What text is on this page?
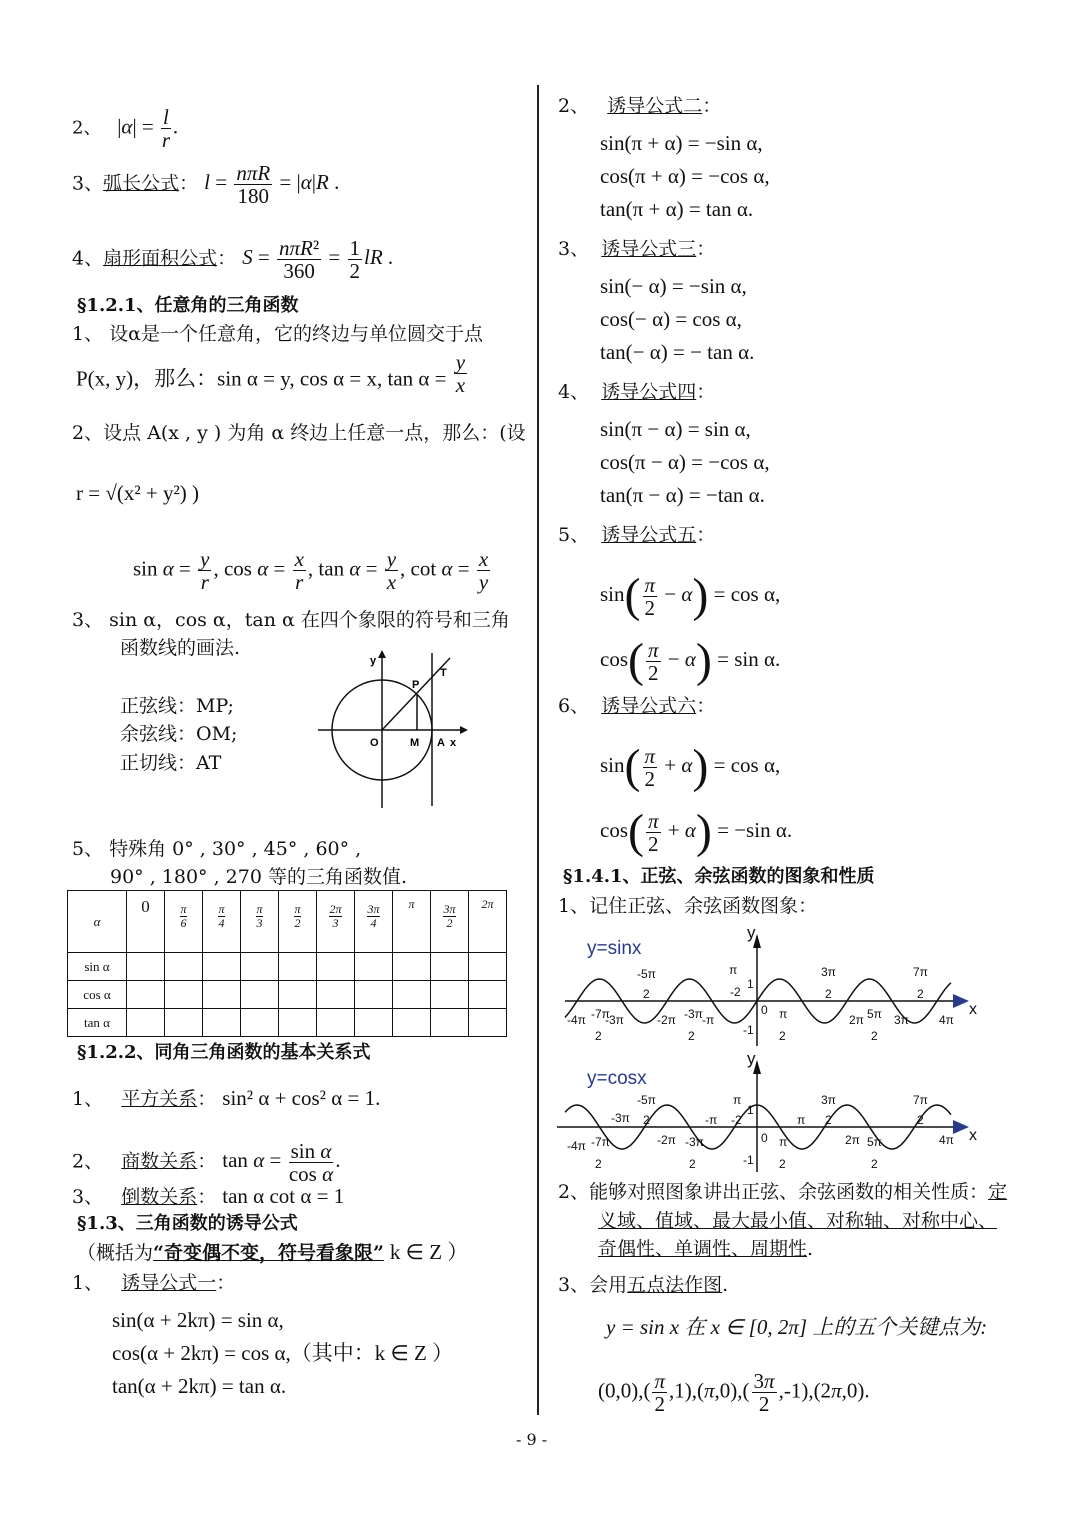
2、   $|\alpha| = \frac{l}{r}$ .
3、弧长公式： $l = \frac{\text{nπR}}{180} = |\alpha|R$ .
4、扇形面积公式： $S = \frac{\text{nπR²}}{360} = \frac{1}{2}$ lR .
§1.2.1、任意角的三角函数
1、 设α是一个任意角，它的终边与单位圆交于点
P(x, y)，那么：sin α = y, cos α = x, $\tan \alpha = \frac{y}{x}$
2、设点 A(x , y ) 为角 α 终边上任意一点，那么：(设
r = √(x² + y²) )
$\sin \alpha = \frac{y}{r}$ , $\cos \alpha = \frac{x}{r}$ , $\tan \alpha = \frac{y}{x}$ , $\cot \alpha = \frac{x}{y}$
3、 sin α，cos α，tan α 在四个象限的符号和三角
函数线的画法.
正弦线：MP;
余弦线：OM;
正切线：AT
y
P
T
O	M A x
5、 特殊角 0° , 30° , 45° , 60° ,
90° , 180° , 270 等的三角函数值.
α	0	$\frac{\pi}{6}$	$\frac{\pi}{4}$	$\frac{\pi}{3}$	$\frac{\pi}{2}$	$\frac{2\pi}{3}$	$\frac{3\pi}{4}$	π	$\frac{3\pi}{2}$	2π
sin α										
cos α										
tan α										
§1.2.2、同角三角函数的基本关系式
1、 平方关系： sin² α + cos² α = 1.
2、 商数关系： $\tan \alpha = \frac{\text{sin α}}{\text{cos α}}$ .
3、 倒数关系： tan α cot α = 1
§1.3、三角函数的诱导公式
（概括为“奇变偶不变，符号看象限” k ∈ Z ）
1、 诱导公式一：
sin(α + 2kπ) = sin α,
cos(α + 2kπ) = cos α,（其中：k ∈ Z ）
tan(α + 2kπ) = tan α.
2、 诱导公式二：
sin(π + α) = −sin α,
cos(π + α) = −cos α,
tan(π + α) = tan α.
3、 诱导公式三：
sin(− α) = −sin α,
cos(− α) = cos α,
tan(− α) = − tan α.
4、 诱导公式四：
sin(π − α) = sin α,
cos(π − α) = −cos α,
tan(π − α) = −tan α.
5、 诱导公式五：
$\sin( \frac{\pi}{2} - \alpha) = \cos \alpha$,
$\cos( \frac{\pi}{2} - \alpha) = \sin \alpha$.
6、 诱导公式六：
$\sin( \frac{\pi}{2} + \alpha) = \cos \alpha$,
$\cos( \frac{\pi}{2} + \alpha) = -\sin$ α.
§1.4.1、正弦、余弦函数的图象和性质
1、记住正弦、余弦函数图象：
y=sinx
y
x
0
1
-1
-4π -3π	-2π -π	2π	3π	4π
-7π
2
-3π
2
π
2
5π
2
-5π
2
π
-2
3π
2
7π
2
y=cosx
y
x
0
1
-1
-4π	-2π
-π	π
2π	4π
-3π
-7π
2
π
2
5π
2
-3π
2
-5π
2
π
-2
3π
2
7π
2
2、能够对照图象讲出正弦、余弦函数的相关性质：定
义域、值域、最大最小值、对称轴、对称中心、
奇偶性、单调性、周期性.
3、会用五点法作图.
y = sin x 在 x ∈ [0, 2π] 上的五个关键点为:
$(0,0),( \frac{\pi}{2} ,1),(\pi,0),( \frac{3\pi}{2} ,-1),(2\pi,0)$.
- 9 -
